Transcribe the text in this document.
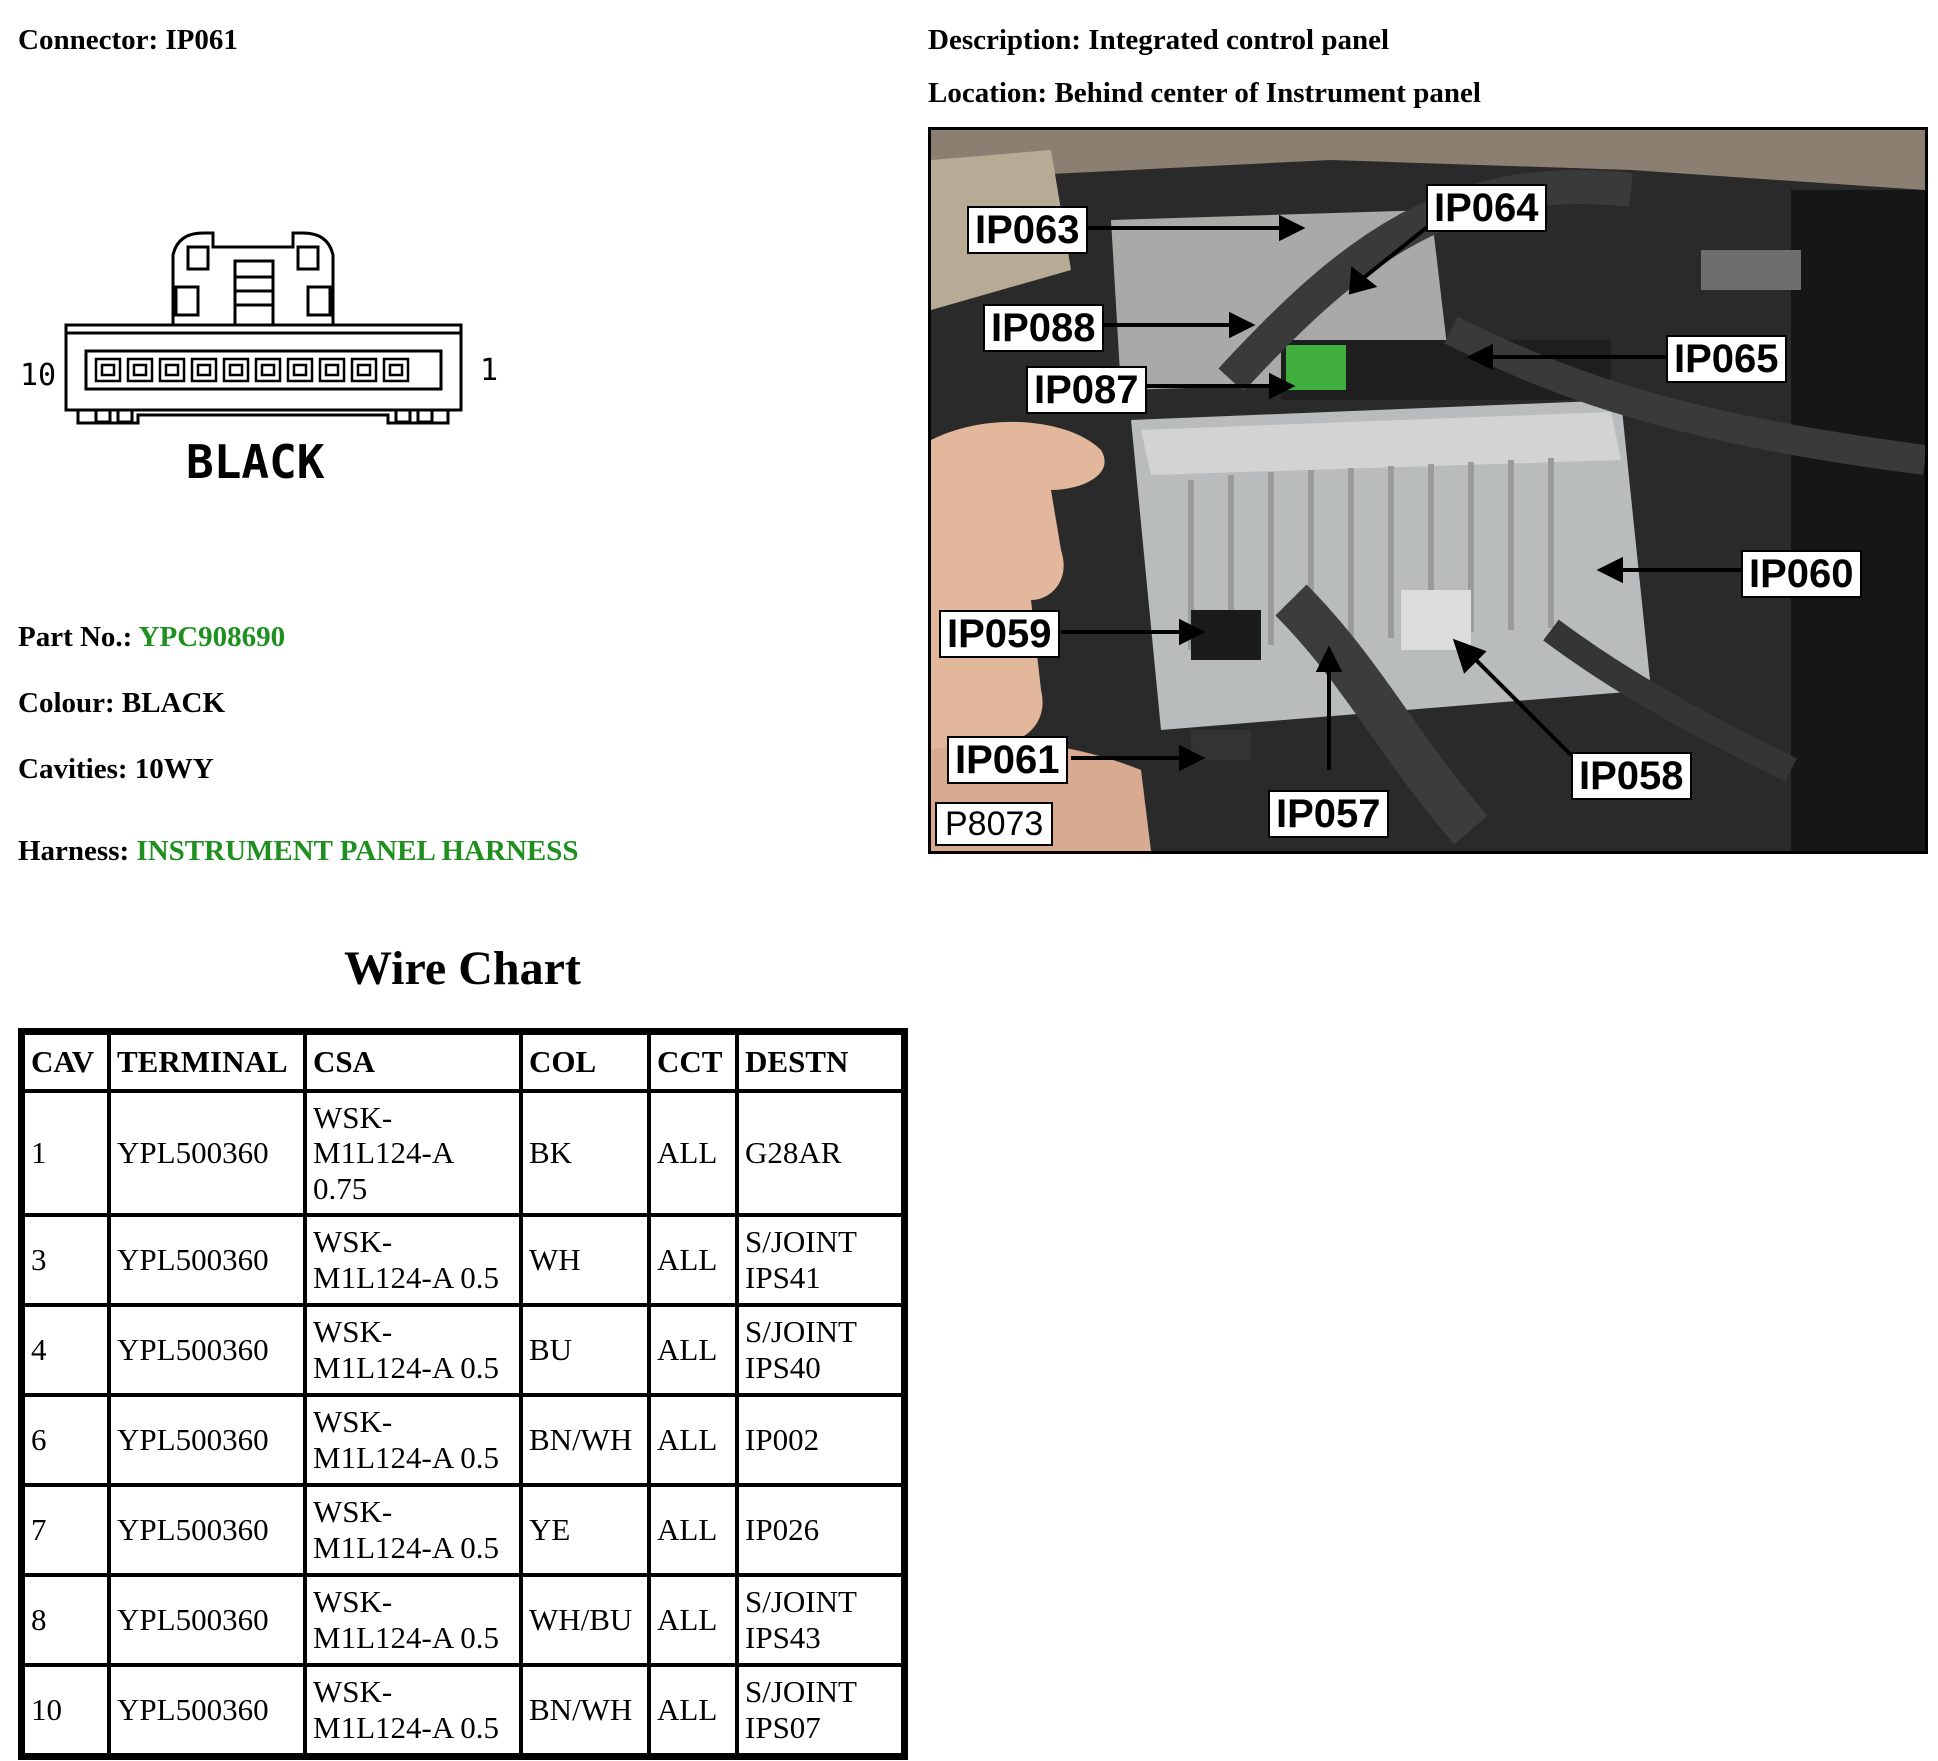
Connector: IP061	Description: Integrated control panel
Location: Behind center of Instrument panel
10	1
BLACK
Part No.: YPC908690
Colour: BLACK
Cavities: 10WY
Harness: INSTRUMENT PANEL HARNESS
IP063	IP064
IP088
IP065
IP087
IP060
IP059
IP061
IP057
IP058
P8073
Wire Chart
CAV	TERMINAL	CSA	COL	CCT	DESTN
1	YPL500360	WSK-
M1L124-A
0.75	BK	ALL	G28AR
3	YPL500360	WSK-
M1L124-A 0.5	WH	ALL	S/JOINT
IPS41
4	YPL500360	WSK-
M1L124-A 0.5	BU	ALL	S/JOINT
IPS40
6	YPL500360	WSK-
M1L124-A 0.5	BN/WH	ALL	IP002
7	YPL500360	WSK-
M1L124-A 0.5	YE	ALL	IP026
8	YPL500360	WSK-
M1L124-A 0.5	WH/BU	ALL	S/JOINT
IPS43
10	YPL500360	WSK-
M1L124-A 0.5	BN/WH	ALL	S/JOINT
IPS07
